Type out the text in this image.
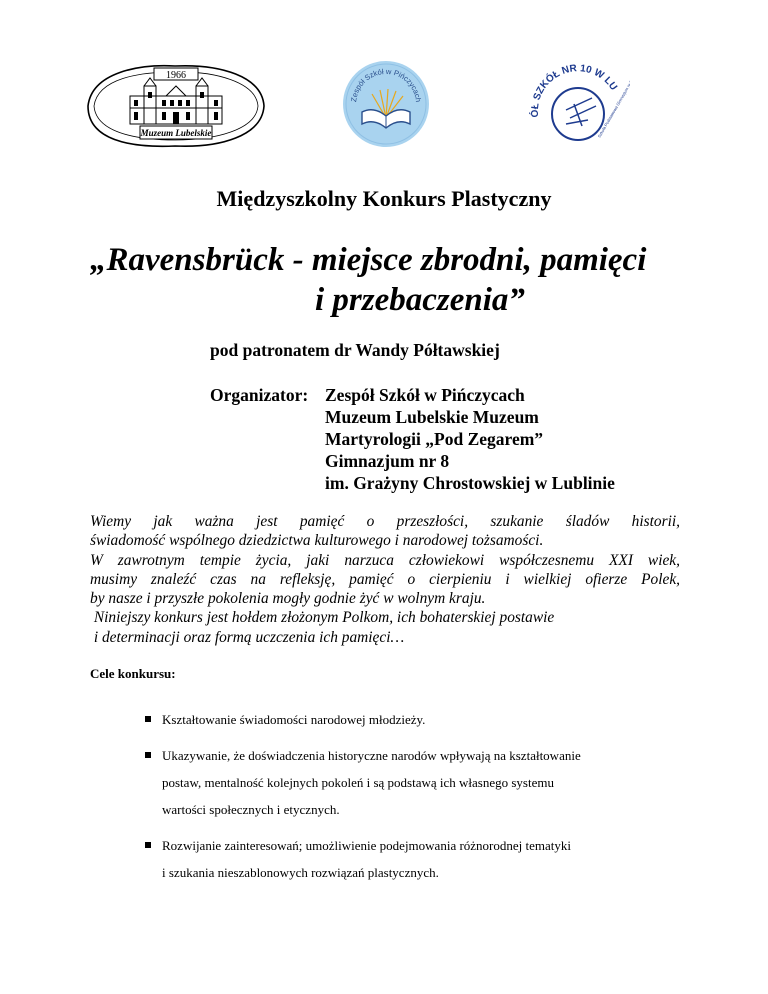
1966
Muzeum Lubelskie
Zespół Szkół w Pińczycach
ÓŁ SZKÓŁ NR 10 W LU
Szkoła Podstawowa Gimnazjum nr 8
Międzyszkolny Konkurs Plastyczny
„Ravensbrück - miejsce zbrodni, pamięci
i przebaczenia”
pod patronatem dr Wandy Półtawskiej
Organizator: Zespół Szkół w Pińczycach
Muzeum Lubelskie Muzeum
Martyrologii „Pod Zegarem”
Gimnazjum nr 8
im. Grażyny Chrostowskiej w Lublinie
Wiemy jak ważna jest pamięć o przeszłości, szukanie śladów historii,
świadomość wspólnego dziedzictwa kulturowego i narodowej tożsamości.
W zawrotnym tempie życia, jaki narzuca człowiekowi współczesnemu XXI wiek,
musimy znaleźć czas na refleksję, pamięć o cierpieniu i wielkiej ofierze Polek,
by nasze i przyszłe pokolenia mogły godnie żyć w wolnym kraju.
Niniejszy konkurs jest hołdem złożonym Polkom, ich bohaterskiej postawie
i determinacji oraz formą uczczenia ich pamięci…
Cele konkursu:
Kształtowanie świadomości narodowej młodzieży.
Ukazywanie, że doświadczenia historyczne narodów wpływają na kształtowanie
postaw, mentalność kolejnych pokoleń i są podstawą ich własnego systemu
wartości społecznych i etycznych.
Rozwijanie zainteresowań; umożliwienie podejmowania różnorodnej tematyki
i szukania nieszablonowych rozwiązań plastycznych.
